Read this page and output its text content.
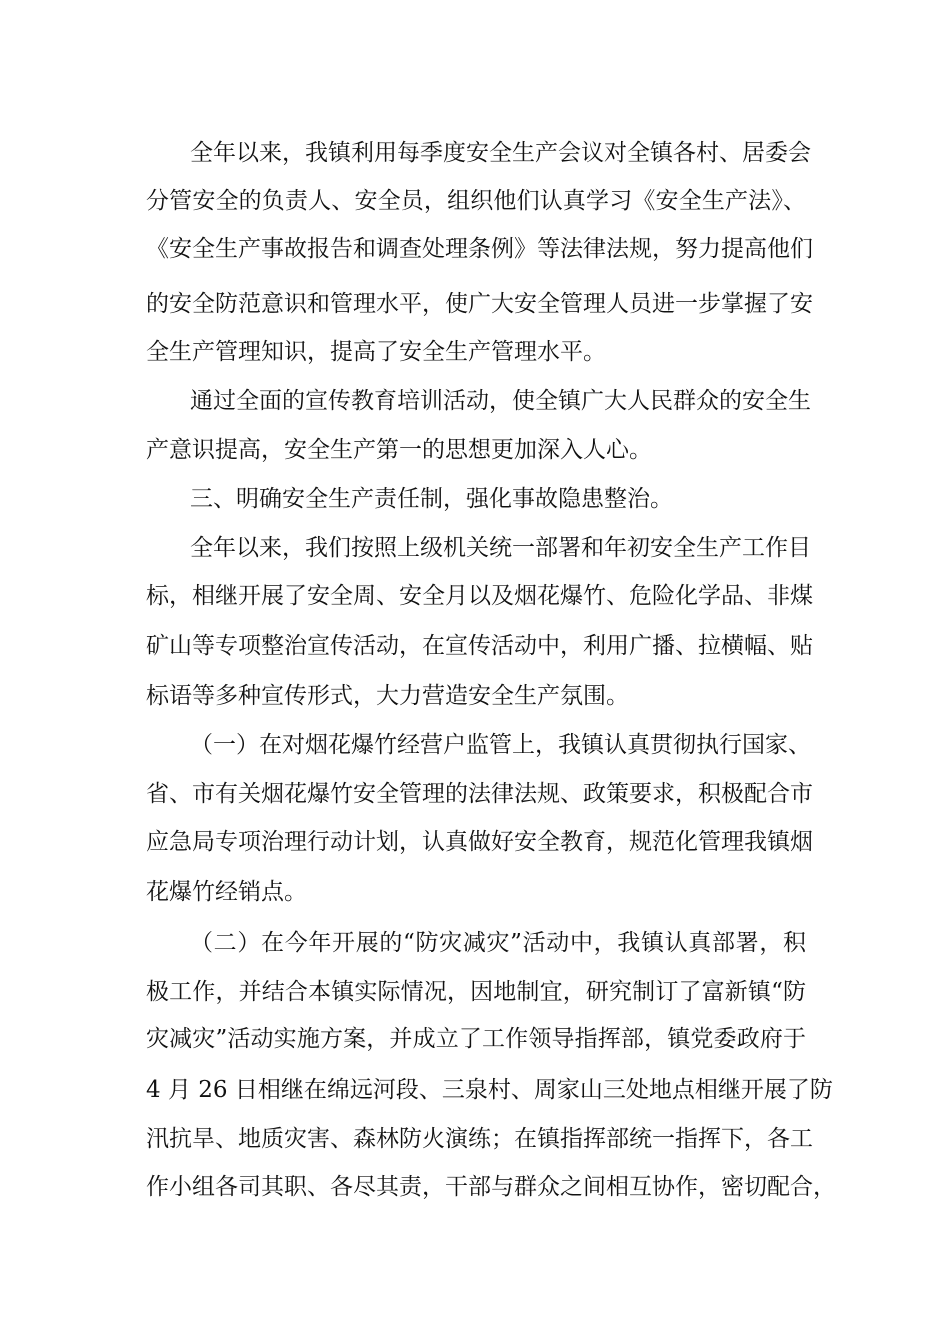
全年以来，我镇利用每季度安全生产会议对全镇各村、居委会
分管安全的负责人、安全员，组织他们认真学习《安全生产法》、
《安全生产事故报告和调查处理条例》等法律法规，努力提高他们
的安全防范意识和管理水平，使广大安全管理人员进一步掌握了安
全生产管理知识，提高了安全生产管理水平。
通过全面的宣传教育培训活动，使全镇广大人民群众的安全生
产意识提高，安全生产第一的思想更加深入人心。
三、明确安全生产责任制，强化事故隐患整治。
全年以来，我们按照上级机关统一部署和年初安全生产工作目
标，相继开展了安全周、安全月以及烟花爆竹、危险化学品、非煤
矿山等专项整治宣传活动，在宣传活动中，利用广播、拉横幅、贴
标语等多种宣传形式，大力营造安全生产氛围。
（一）在对烟花爆竹经营户监管上，我镇认真贯彻执行国家、
省、市有关烟花爆竹安全管理的法律法规、政策要求，积极配合市
应急局专项治理行动计划，认真做好安全教育，规范化管理我镇烟
花爆竹经销点。
（二）在今年开展的“防灾减灾”活动中，我镇认真部署，积
极工作，并结合本镇实际情况，因地制宜，研究制订了富新镇“防
灾减灾”活动实施方案，并成立了工作领导指挥部，镇党委政府于
4 月 26 日相继在绵远河段、三泉村、周家山三处地点相继开展了防
汛抗旱、地质灾害、森林防火演练；在镇指挥部统一指挥下，各工
作小组各司其职、各尽其责，干部与群众之间相互协作，密切配合，
